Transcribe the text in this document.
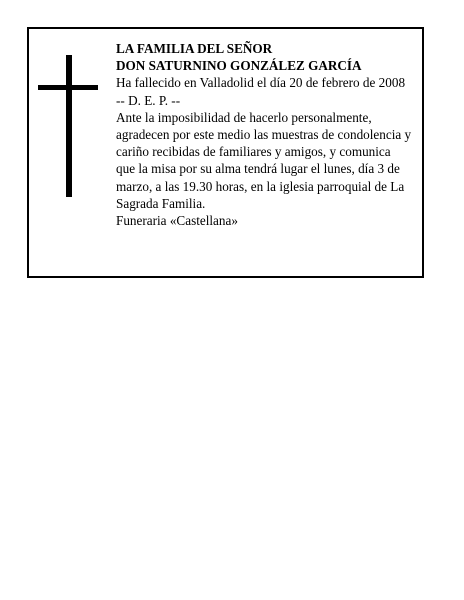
LA FAMILIA DEL SEÑOR
DON SATURNINO GONZÁLEZ GARCÍA
Ha fallecido en Valladolid el día 20 de febrero de 2008
-- D. E. P. --
Ante la imposibilidad de hacerlo personalmente,
agradecen por este medio las muestras de condolencia y
cariño recibidas de familiares y amigos, y comunica
que la misa por su alma tendrá lugar el lunes, día 3 de
marzo, a las 19.30 horas, en la iglesia parroquial de La
Sagrada Familia.
Funeraria «Castellana»
